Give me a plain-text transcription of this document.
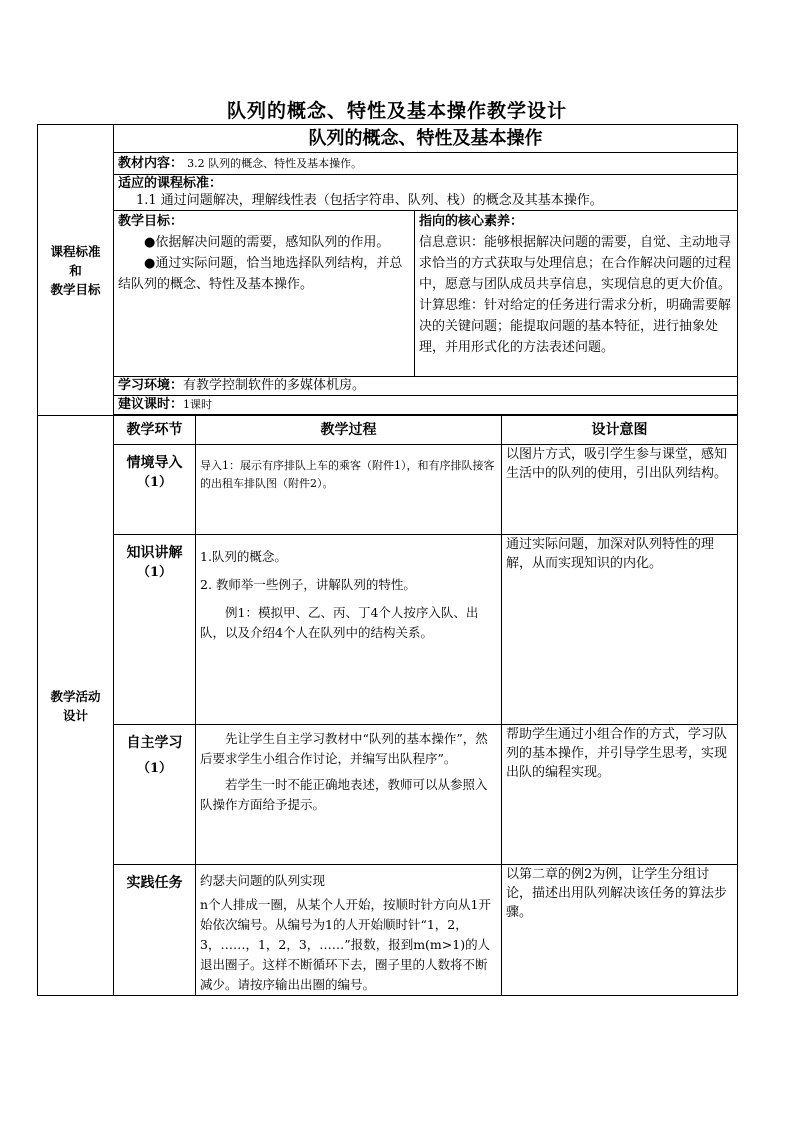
队列的概念、特性及基本操作教学设计
课程标准
和
教学目标	队列的概念、特性及基本操作			
	教材内容： 3.2 队列的概念、特性及基本操作。			

	适应的课程标准：
1.1 通过问题解决，理解线性表（包括字符串、队列、栈）的概念及其基本操作。			

	教学目标：
●依据解决问题的需要，感知队列的作用。
●通过实际问题，恰当地选择队列结构，并总结队列的概念、特性及基本操作。		指向的核心素养：
信息意识：能够根据解决问题的需要，自觉、主动地寻求恰当的方式获取与处理信息；在合作解决问题的过程中，愿意与团队成员共享信息，实现信息的更大价值。
计算思维：针对给定的任务进行需求分析，明确需要解决的关键问题；能提取问题的基本特征，进行抽象处理，并用形式化的方法表述问题。	

	学习环境：有教学控制软件的多媒体机房。			
	建议课时：1课时			

教学活动
设计	教学环节	教学过程		设计意图

	情境导入
（1）	导入1：展示有序排队上车的乘客（附件1），和有序排队接客的出租车排队图（附件2）。		以图片方式，吸引学生参与课堂，感知生活中的队列的使用，引出队列结构。

	知识讲解
（1）	1.队列的概念。
2. 教师举一些例子，讲解队列的特性。
例1：模拟甲、乙、丙、丁4个人按序入队、出队，以及介绍4个人在队列中的结构关系。		通过实际问题，加深对队列特性的理解，从而实现知识的内化。

	自主学习
（1）	先让学生自主学习教材中“队列的基本操作”，然后要求学生小组合作讨论，并编写出队程序”。
若学生一时不能正确地表述，教师可以从参照入队操作方面给予提示。		帮助学生通过小组合作的方式，学习队列的基本操作，并引导学生思考，实现出队的编程实现。

	实践任务	约瑟夫问题的队列实现
n个人排成一圈，从某个人开始，按顺时针方向从1开始依次编号。从编号为1的人开始顺时针“1，2，3，……，1，2，3，……”报数，报到m(m>1)的人退出圈子。这样不断循环下去，圈子里的人数将不断减少。请按序输出出圈的编号。		以第二章的例2为例，让学生分组讨论，描述出用队列解决该任务的算法步骤。
